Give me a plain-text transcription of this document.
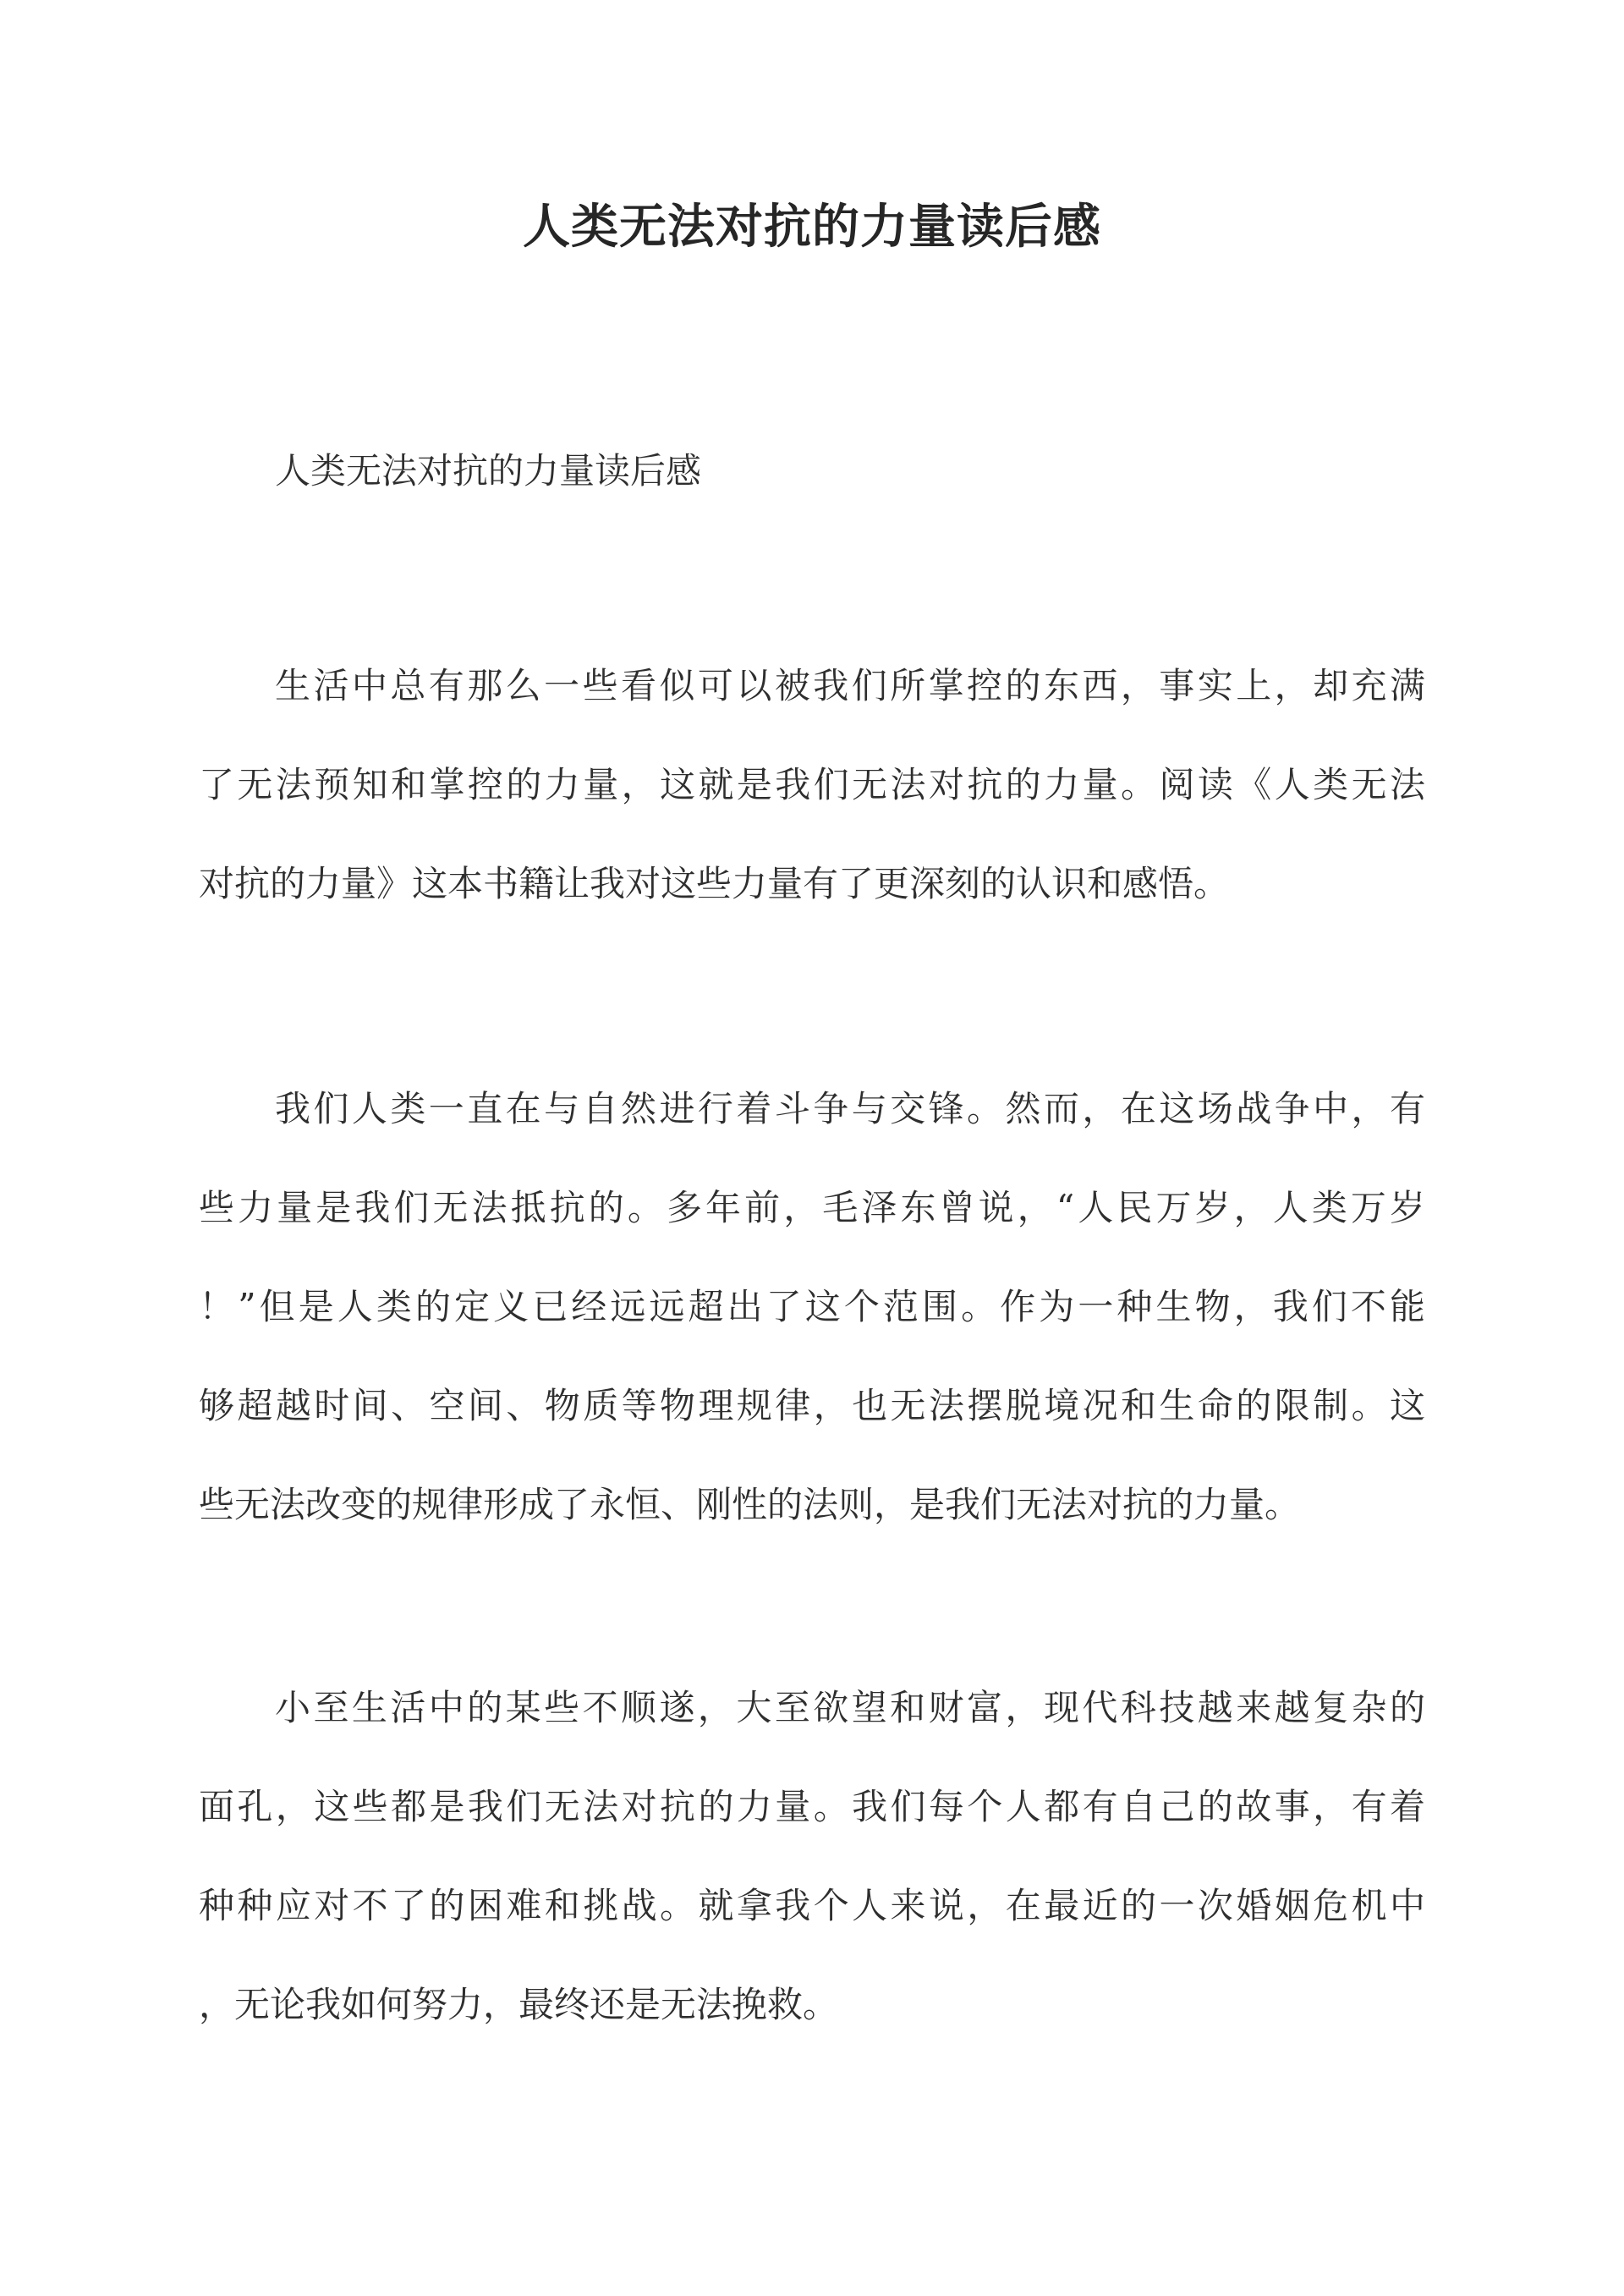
人类无法对抗的力量读后感
人类无法对抗的力量读后感
生活中总有那么一些看似可以被我们所掌控的东西，事实上，却充满
了无法预知和掌控的力量，这就是我们无法对抗的力量。阅读《人类无法
对抗的力量》这本书籍让我对这些力量有了更深刻的认识和感悟。
我们人类一直在与自然进行着斗争与交锋。然而，在这场战争中，有
些力量是我们无法抵抗的。多年前，毛泽东曾说，“人民万岁，人类万岁
！”但是人类的定义已经远远超出了这个范围。作为一种生物，我们不能
够超越时间、空间、物质等物理规律，也无法摆脱境况和生命的限制。这
些无法改变的规律形成了永恒、刚性的法则，是我们无法对抗的力量。
小至生活中的某些不顺遂，大至欲望和财富，现代科技越来越复杂的
面孔，这些都是我们无法对抗的力量。我们每个人都有自己的故事，有着
种种应对不了的困难和挑战。就拿我个人来说，在最近的一次婚姻危机中
，无论我如何努力，最终还是无法挽救。
